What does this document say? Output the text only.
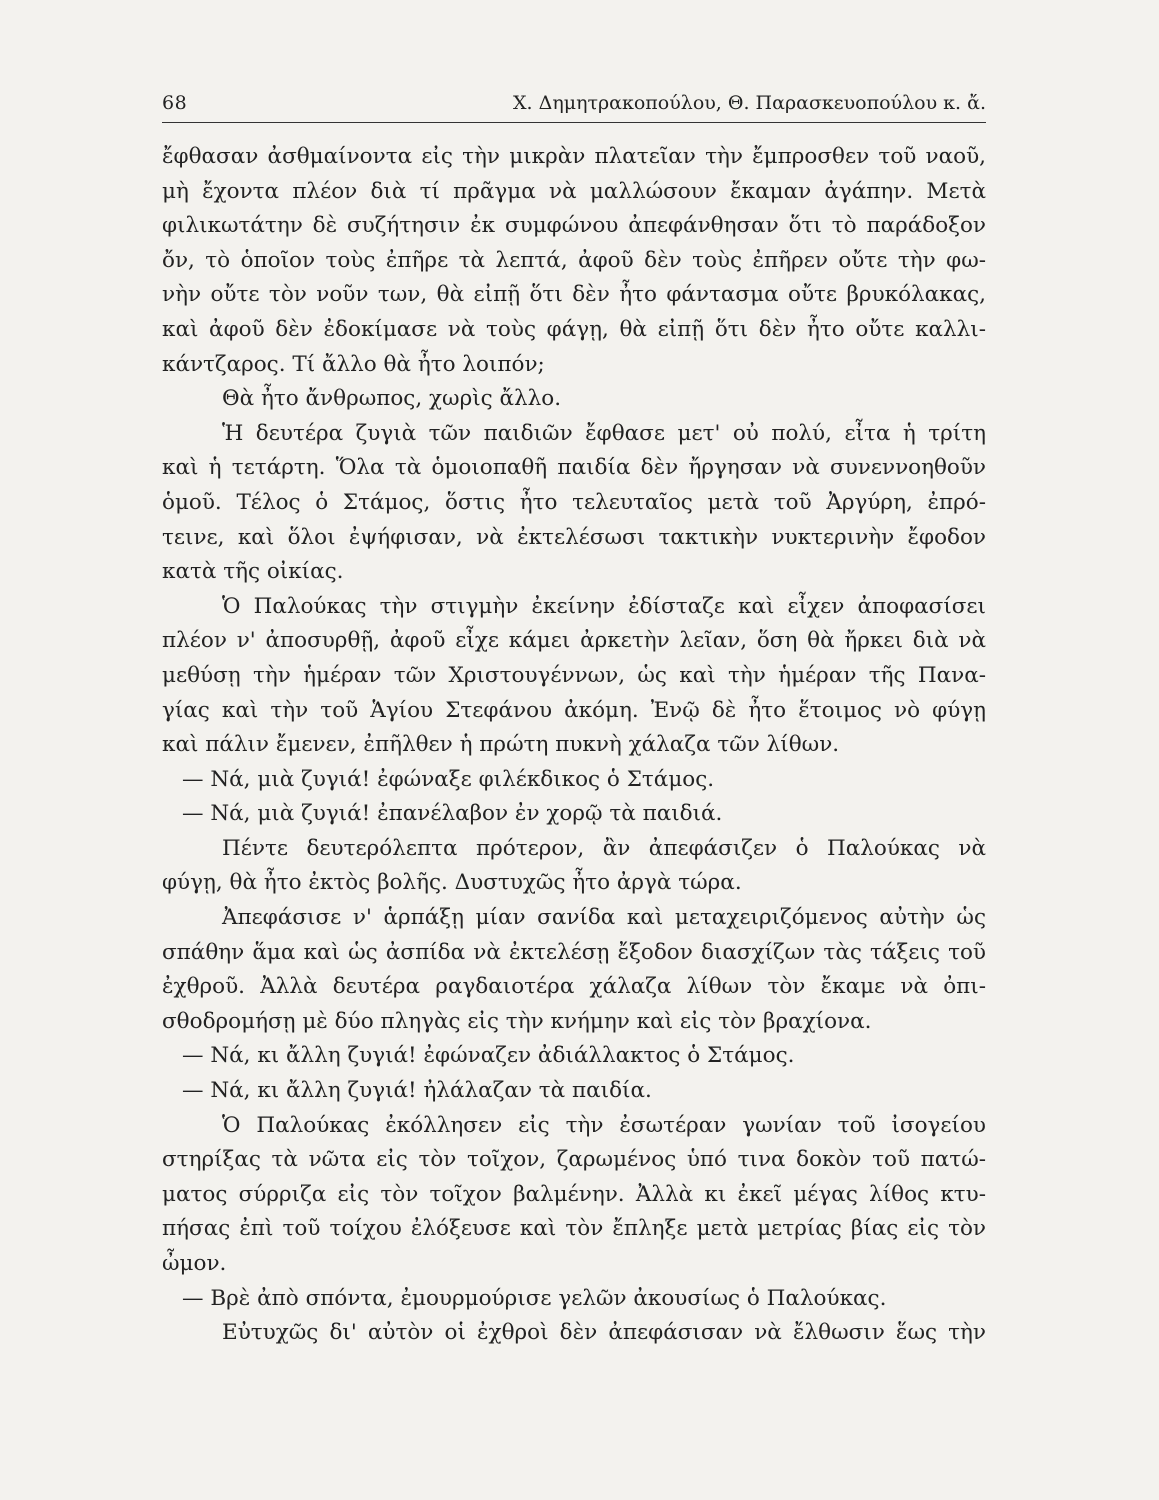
68	Χ. Δημητρακοπούλου, Θ. Παρασκευοπούλου κ. ἄ.
ἔφθασαν ἀσθμαίνοντα εἰς τὴν μικρὰν πλατεῖαν τὴν ἔμπροσθεν τοῦ ναοῦ,
μὴ ἔχοντα πλέον διὰ τί πρᾶγμα νὰ μαλλώσουν ἔκαμαν ἀγάπην. Μετὰ
φιλικωτάτην δὲ συζήτησιν ἐκ συμφώνου ἀπεφάνθησαν ὅτι τὸ παράδοξον
ὄν, τὸ ὁποῖον τοὺς ἐπῆρε τὰ λεπτά, ἀφοῦ δὲν τοὺς ἐπῆρεν οὔτε τὴν φω-
νὴν οὔτε τὸν νοῦν των, θὰ εἰπῇ ὅτι δὲν ἦτο φάντασμα οὔτε βρυκόλακας,
καὶ ἀφοῦ δὲν ἐδοκίμασε νὰ τοὺς φάγῃ, θὰ εἰπῇ ὅτι δὲν ἦτο οὔτε καλλι-
κάντζαρος. Τί ἄλλο θὰ ἦτο λοιπόν;
Θὰ ἦτο ἄνθρωπος, χωρὶς ἄλλο.
Ἡ δευτέρα ζυγιὰ τῶν παιδιῶν ἔφθασε μετ' οὐ πολύ, εἶτα ἡ τρίτη
καὶ ἡ τετάρτη. Ὅλα τὰ ὁμοιοπαθῆ παιδία δὲν ἤργησαν νὰ συνεννοηθοῦν
ὁμοῦ. Τέλος ὁ Στάμος, ὅστις ἦτο τελευταῖος μετὰ τοῦ Ἀργύρη, ἐπρό-
τεινε, καὶ ὅλοι ἐψήφισαν, νὰ ἐκτελέσωσι τακτικὴν νυκτερινὴν ἔφοδον
κατὰ τῆς οἰκίας.
Ὁ Παλούκας τὴν στιγμὴν ἐκείνην ἐδίσταζε καὶ εἶχεν ἀποφασίσει
πλέον ν' ἀποσυρθῇ, ἀφοῦ εἶχε κάμει ἀρκετὴν λεῖαν, ὅση θὰ ἤρκει διὰ νὰ
μεθύσῃ τὴν ἡμέραν τῶν Χριστουγέννων, ὡς καὶ τὴν ἡμέραν τῆς Πανα-
γίας καὶ τὴν τοῦ Ἁγίου Στεφάνου ἀκόμη. Ἐνῷ δὲ ἦτο ἕτοιμος νὸ φύγῃ
καὶ πάλιν ἔμενεν, ἐπῆλθεν ἡ πρώτη πυκνὴ χάλαζα τῶν λίθων.
— Νά, μιὰ ζυγιά! ἐφώναξε φιλέκδικος ὁ Στάμος.
— Νά, μιὰ ζυγιά! ἐπανέλαβον ἐν χορῷ τὰ παιδιά.
Πέντε δευτερόλεπτα πρότερον, ἂν ἀπεφάσιζεν ὁ Παλούκας νὰ
φύγῃ, θὰ ἦτο ἐκτὸς βολῆς. Δυστυχῶς ἦτο ἀργὰ τώρα.
Ἀπεφάσισε ν' ἁρπάξῃ μίαν σανίδα καὶ μεταχειριζόμενος αὐτὴν ὡς
σπάθην ἅμα καὶ ὡς ἀσπίδα νὰ ἐκτελέσῃ ἔξοδον διασχίζων τὰς τάξεις τοῦ
ἐχθροῦ. Ἀλλὰ δευτέρα ραγδαιοτέρα χάλαζα λίθων τὸν ἔκαμε νὰ ὀπι-
σθοδρομήσῃ μὲ δύο πληγὰς εἰς τὴν κνήμην καὶ εἰς τὸν βραχίονα.
— Νά, κι ἄλλη ζυγιά! ἐφώναζεν ἀδιάλλακτος ὁ Στάμος.
— Νά, κι ἄλλη ζυγιά! ἠλάλαζαν τὰ παιδία.
Ὁ Παλούκας ἐκόλλησεν εἰς τὴν ἐσωτέραν γωνίαν τοῦ ἰσογείου
στηρίξας τὰ νῶτα εἰς τὸν τοῖχον, ζαρωμένος ὑπό τινα δοκὸν τοῦ πατώ-
ματος σύρριζα εἰς τὸν τοῖχον βαλμένην. Ἀλλὰ κι ἐκεῖ μέγας λίθος κτυ-
πήσας ἐπὶ τοῦ τοίχου ἐλόξευσε καὶ τὸν ἔπληξε μετὰ μετρίας βίας εἰς τὸν
ὦμον.
— Βρὲ ἀπὸ σπόντα, ἐμουρμούρισε γελῶν ἀκουσίως ὁ Παλούκας.
Εὐτυχῶς δι' αὐτὸν οἱ ἐχθροὶ δὲν ἀπεφάσισαν νὰ ἔλθωσιν ἕως τὴν
